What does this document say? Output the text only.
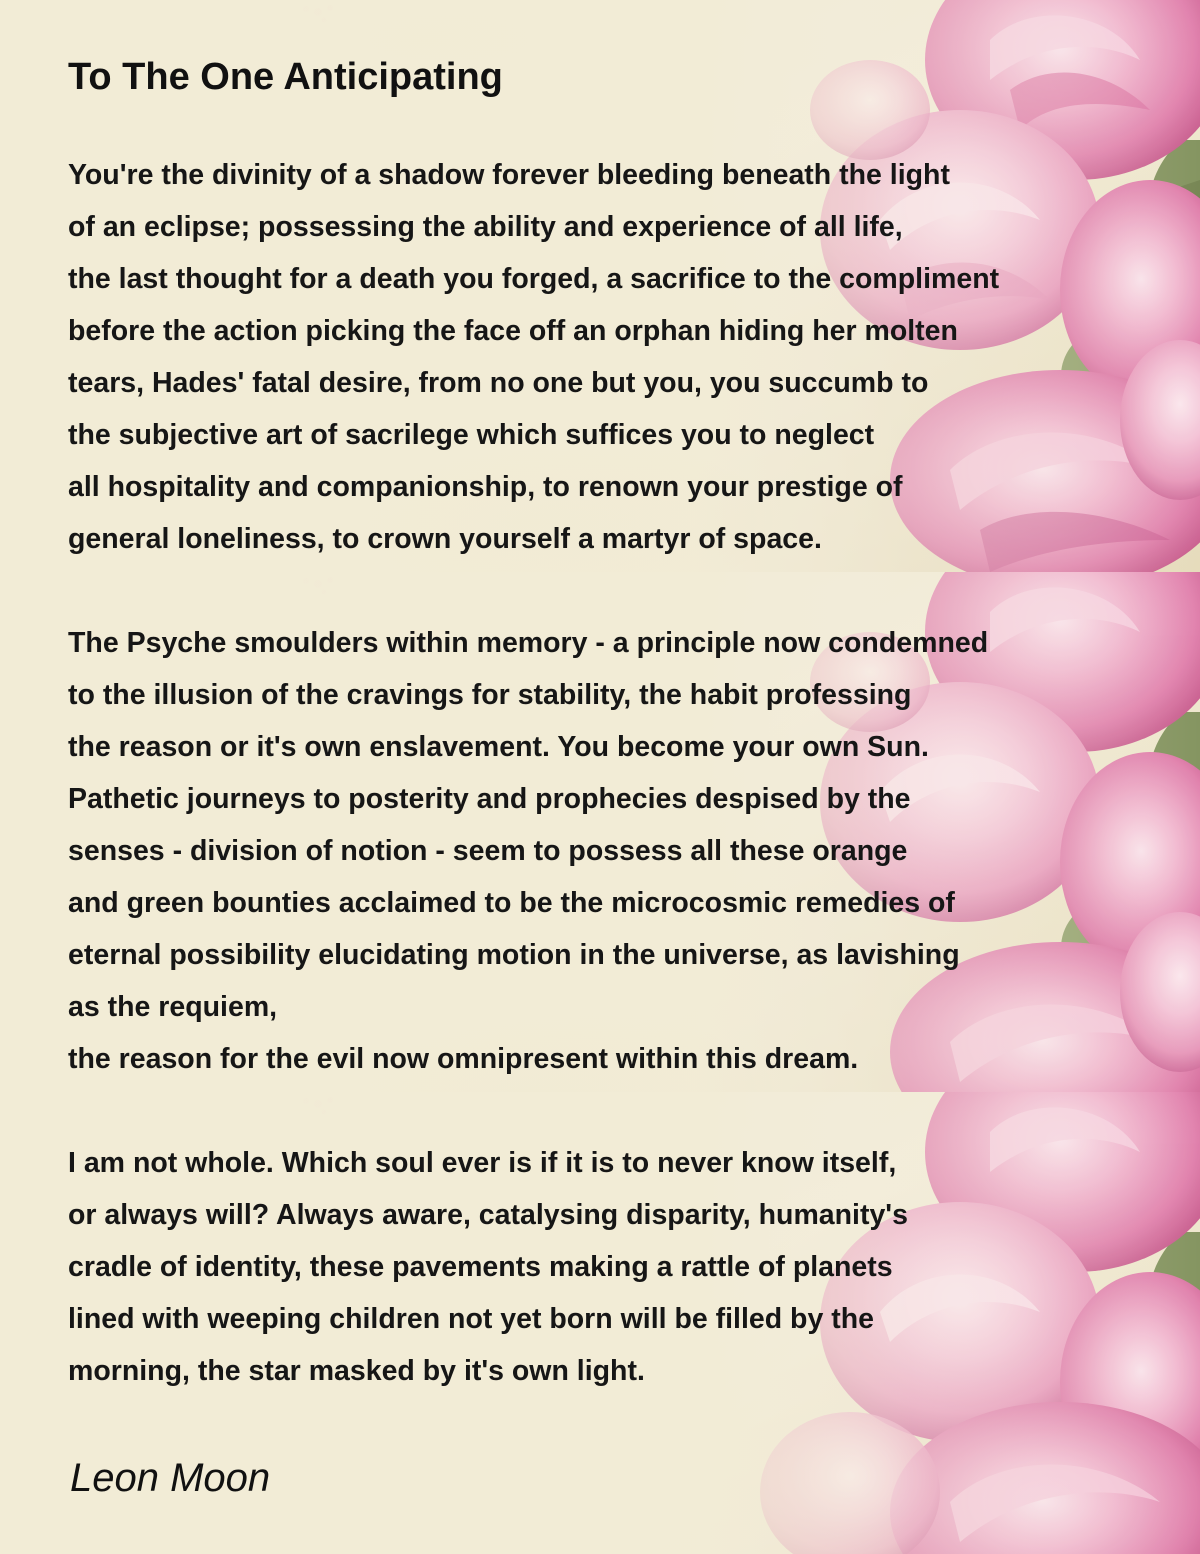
To The One Anticipating
You're the divinity of a shadow forever bleeding beneath the light
of an eclipse; possessing the ability and experience of all life,
the last thought for a death you forged, a sacrifice to the compliment
before the action picking the face off an orphan hiding her molten
tears, Hades' fatal desire, from no one but you, you succumb to
the subjective art of sacrilege which suffices you to neglect
all hospitality and companionship, to renown your prestige of
general loneliness, to crown yourself a martyr of space.
The Psyche smoulders within memory - a principle now condemned
to the illusion of the cravings for stability, the habit professing
the reason or it's own enslavement. You become your own Sun.
Pathetic journeys to posterity and prophecies despised by the
senses - division of notion - seem to possess all these orange
and green bounties acclaimed to be the microcosmic remedies of
eternal possibility elucidating motion in the universe, as lavishing
as the requiem,
the reason for the evil now omnipresent within this dream.
I am not whole. Which soul ever is if it is to never know itself,
or always will? Always aware, catalysing disparity, humanity's
cradle of identity, these pavements making a rattle of planets
lined with weeping children not yet born will be filled by the
morning, the star masked by it's own light.

Leon Moon
